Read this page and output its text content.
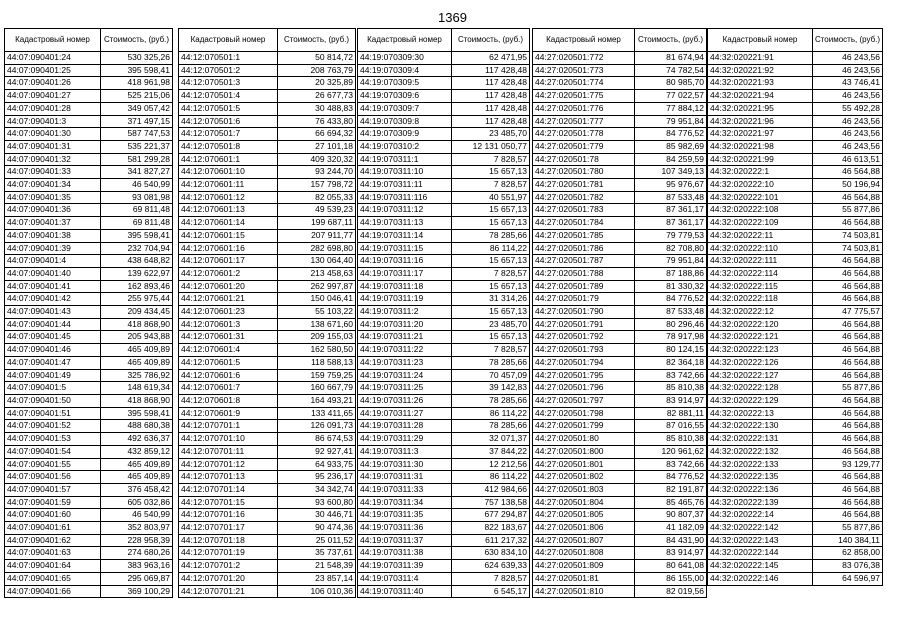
1369
Кадастровый номер	Стоимость, (руб.)
44:07:090401:24	530 325,26
44:07:090401:25	395 598,41
44:07:090401:26	418 961,98
44:07:090401:27	525 215,06
44:07:090401:28	349 057,42
44:07:090401:3	371 497,15
44:07:090401:30	587 747,53
44:07:090401:31	535 221,37
44:07:090401:32	581 299,28
44:07:090401:33	341 827,27
44:07:090401:34	46 540,99
44:07:090401:35	93 081,98
44:07:090401:36	69 811,48
44:07:090401:37	69 811,48
44:07:090401:38	395 598,41
44:07:090401:39	232 704,94
44:07:090401:4	438 648,82
44:07:090401:40	139 622,97
44:07:090401:41	162 893,46
44:07:090401:42	255 975,44
44:07:090401:43	209 434,45
44:07:090401:44	418 868,90
44:07:090401:45	205 943,88
44:07:090401:46	465 409,89
44:07:090401:47	465 409,89
44:07:090401:49	325 786,92
44:07:090401:5	148 619,34
44:07:090401:50	418 868,90
44:07:090401:51	395 598,41
44:07:090401:52	488 680,38
44:07:090401:53	492 636,37
44:07:090401:54	432 859,12
44:07:090401:55	465 409,89
44:07:090401:56	465 409,89
44:07:090401:57	376 458,42
44:07:090401:59	605 032,86
44:07:090401:60	46 540,99
44:07:090401:61	352 803,97
44:07:090401:62	228 958,39
44:07:090401:63	274 680,26
44:07:090401:64	383 963,16
44:07:090401:65	295 069,87
44:07:090401:66	369 100,29
Кадастровый номер	Стоимость, (руб.)
44:12:070501:1	50 814,72
44:12:070501:2	208 763,79
44:12:070501:3	20 325,89
44:12:070501:4	26 677,73
44:12:070501:5	30 488,83
44:12:070501:6	76 433,80
44:12:070501:7	66 694,32
44:12:070501:8	27 101,18
44:12:070601:1	409 320,32
44:12:070601:10	93 244,70
44:12:070601:11	157 798,72
44:12:070601:12	82 055,33
44:12:070601:13	49 539,23
44:12:070601:14	199 687,11
44:12:070601:15	207 911,77
44:12:070601:16	282 698,80
44:12:070601:17	130 064,40
44:12:070601:2	213 458,63
44:12:070601:20	262 997,87
44:12:070601:21	150 046,41
44:12:070601:23	55 103,22
44:12:070601:3	138 671,60
44:12:070601:31	209 155,03
44:12:070601:4	162 580,50
44:12:070601:5	118 588,13
44:12:070601:6	159 759,25
44:12:070601:7	160 667,79
44:12:070601:8	164 493,21
44:12:070601:9	133 411,65
44:12:070701:1	126 091,73
44:12:070701:10	86 674,53
44:12:070701:11	92 927,41
44:12:070701:12	64 933,75
44:12:070701:13	95 236,17
44:12:070701:14	34 342,74
44:12:070701:15	93 600,80
44:12:070701:16	30 446,71
44:12:070701:17	90 474,36
44:12:070701:18	25 011,52
44:12:070701:19	35 737,61
44:12:070701:2	21 548,39
44:12:070701:20	23 857,14
44:12:070701:21	106 010,36
Кадастровый номер	Стоимость, (руб.)
44:19:070309:30	62 471,95
44:19:070309:4	117 428,48
44:19:070309:5	117 428,48
44:19:070309:6	117 428,48
44:19:070309:7	117 428,48
44:19:070309:8	117 428,48
44:19:070309:9	23 485,70
44:19:070310:2	12 131 050,77
44:19:070311:1	7 828,57
44:19:070311:10	15 657,13
44:19:070311:11	7 828,57
44:19:070311:116	40 551,97
44:19:070311:12	15 657,13
44:19:070311:13	15 657,13
44:19:070311:14	78 285,66
44:19:070311:15	86 114,22
44:19:070311:16	15 657,13
44:19:070311:17	7 828,57
44:19:070311:18	15 657,13
44:19:070311:19	31 314,26
44:19:070311:2	15 657,13
44:19:070311:20	23 485,70
44:19:070311:21	15 657,13
44:19:070311:22	7 828,57
44:19:070311:23	78 285,66
44:19:070311:24	70 457,09
44:19:070311:25	39 142,83
44:19:070311:26	78 285,66
44:19:070311:27	86 114,22
44:19:070311:28	78 285,66
44:19:070311:29	32 071,37
44:19:070311:3	37 844,22
44:19:070311:30	12 212,56
44:19:070311:31	86 114,22
44:19:070311:33	412 984,66
44:19:070311:34	757 138,58
44:19:070311:35	677 294,87
44:19:070311:36	822 183,67
44:19:070311:37	611 217,32
44:19:070311:38	630 834,10
44:19:070311:39	624 639,33
44:19:070311:4	7 828,57
44:19:070311:40	6 545,17
Кадастровый номер	Стоимость, (руб.)
44:27:020501:772	81 674,94
44:27:020501:773	74 782,54
44:27:020501:774	80 985,70
44:27:020501:775	77 022,57
44:27:020501:776	77 884,12
44:27:020501:777	79 951,84
44:27:020501:778	84 776,52
44:27:020501:779	85 982,69
44:27:020501:78	84 259,59
44:27:020501:780	107 349,13
44:27:020501:781	95 976,67
44:27:020501:782	87 533,48
44:27:020501:783	87 361,17
44:27:020501:784	87 361,17
44:27:020501:785	79 779,53
44:27:020501:786	82 708,80
44:27:020501:787	79 951,84
44:27:020501:788	87 188,86
44:27:020501:789	81 330,32
44:27:020501:79	84 776,52
44:27:020501:790	87 533,48
44:27:020501:791	80 296,46
44:27:020501:792	78 917,98
44:27:020501:793	80 124,15
44:27:020501:794	82 364,18
44:27:020501:795	83 742,66
44:27:020501:796	85 810,38
44:27:020501:797	83 914,97
44:27:020501:798	82 881,11
44:27:020501:799	87 016,55
44:27:020501:80	85 810,38
44:27:020501:800	120 961,62
44:27:020501:801	83 742,66
44:27:020501:802	84 776,52
44:27:020501:803	82 191,87
44:27:020501:804	85 465,76
44:27:020501:805	90 807,37
44:27:020501:806	41 182,09
44:27:020501:807	84 431,90
44:27:020501:808	83 914,97
44:27:020501:809	80 641,08
44:27:020501:81	86 155,00
44:27:020501:810	82 019,56
Кадастровый номер	Стоимость, (руб.)
44:32:020221:91	46 243,56
44:32:020221:92	46 243,56
44:32:020221:93	43 746,41
44:32:020221:94	46 243,56
44:32:020221:95	55 492,28
44:32:020221:96	46 243,56
44:32:020221:97	46 243,56
44:32:020221:98	46 243,56
44:32:020221:99	46 613,51
44:32:020222:1	46 564,88
44:32:020222:10	50 196,94
44:32:020222:101	46 564,88
44:32:020222:108	55 877,86
44:32:020222:109	46 564,88
44:32:020222:11	74 503,81
44:32:020222:110	74 503,81
44:32:020222:111	46 564,88
44:32:020222:114	46 564,88
44:32:020222:115	46 564,88
44:32:020222:118	46 564,88
44:32:020222:12	47 775,57
44:32:020222:120	46 564,88
44:32:020222:121	46 564,88
44:32:020222:123	46 564,88
44:32:020222:126	46 564,88
44:32:020222:127	46 564,88
44:32:020222:128	55 877,86
44:32:020222:129	46 564,88
44:32:020222:13	46 564,88
44:32:020222:130	46 564,88
44:32:020222:131	46 564,88
44:32:020222:132	46 564,88
44:32:020222:133	93 129,77
44:32:020222:135	46 564,88
44:32:020222:136	46 564,88
44:32:020222:139	46 564,88
44:32:020222:14	46 564,88
44:32:020222:142	55 877,86
44:32:020222:143	140 384,11
44:32:020222:144	62 858,00
44:32:020222:145	83 076,38
44:32:020222:146	64 596,97
